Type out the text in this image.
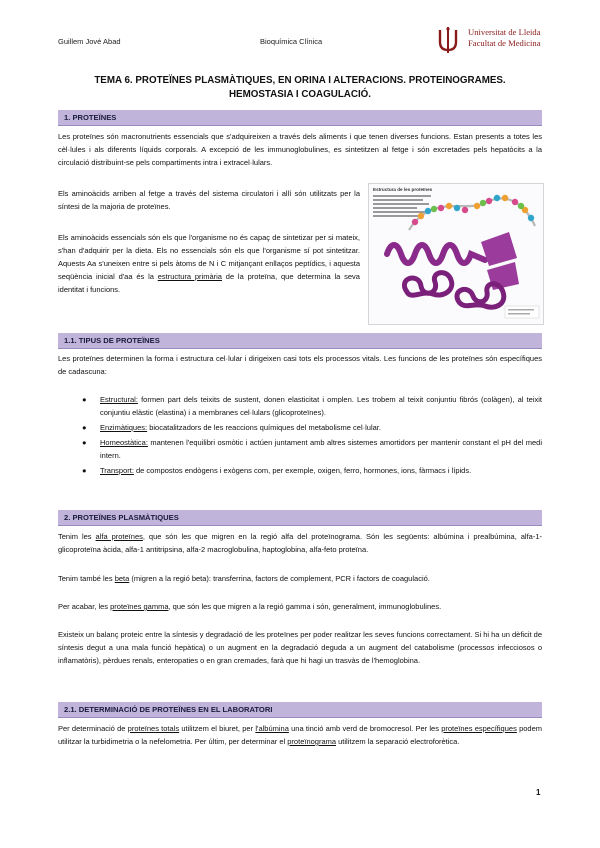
Guillem Jové Abad	Bioquímica Clínica
Universitat de Lleida
Facultat de Medicina
TEMA 6. PROTEÏNES PLASMÀTIQUES, EN ORINA I ALTERACIONS. PROTEINOGRAMES.
HEMOSTASIA I COAGULACIÓ.
1. PROTEÏNES
Les proteïnes són macronutrients essencials que s'adquireixen a través dels aliments i que tenen diverses funcions. Estan presents a totes les cèl·lules i als diferents líquids corporals. A excepció de les immunoglobulines, es sintetitzen al fetge i són excretades pels hepatòcits a la circulació distribuint-se pels compartiments intra i extracel·lulars.
Els aminoàcids arriben al fetge a través del sistema circulatori i allí són utilitzats per la síntesi de la majoria de proteïnes.
Els aminoàcids essencials són els que l'organisme no és capaç de sintetizar per si mateix, s'han d'adquirir per la dieta. Els no essencials són els que l'organisme sí pot sintetitzar. Aquests Aa s'uneixen entre si pels àtoms de N i C mitjançant enllaços peptídics, i aquesta seqüència inicial d'aa és la estructura primària de la proteïna, que determina la seva identitat i funcions.
Estructura de les proteïnes
1.1. TIPUS DE PROTEÏNES
Les proteïnes determinen la forma i estructura cel·lular i dirigeixen casi tots els processos vitals. Les funcions de les proteïnes són específiques de cadascuna:
● Estructural: formen part dels teixits de sustent, donen elasticitat i omplen. Les trobem al teixit conjuntiu fibrós (colàgen), al teixit conjuntiu elàstic (elastina) i a membranes cel·lulars (glicoproteïnes).
● Enzimàtiques: biocatalitzadors de les reaccions químiques del metabolisme cel·lular.
● Homeostàtica: mantenen l'equilibri osmòtic i actúen juntament amb altres sistemes amortidors per mantenir constant el pH del medi intern.
● Transport: de compostos endògens i exògens com, per exemple, oxigen, ferro, hormones, ions, fàrmacs i lípids.
2. PROTEÏNES PLASMÀTIQUES
Tenim les alfa proteïnes, que són les que migren en la regió alfa del proteïnograma. Són les següents: albúmina i prealbúmina, alfa-1-glicoproteïna àcida, alfa-1 antitripsina, alfa-2 macroglobulina, haptoglobina, alfa-feto proteïna.
Tenim també les beta (migren a la regió beta): transferrina, factors de complement, PCR i factors de coagulació.
Per acabar, les proteïnes gamma, que són les que migren a la regió gamma i són, generalment, immunoglobulines.
Existeix un balanç proteic entre la síntesis y degradació de les proteïnes per poder realitzar les seves funcions correctament. Si hi ha un dèficit de síntesis degut a una mala funció hepàtica) o un augment en la degradació deguda a un augment del catabolisme (processos infecciosos o inflamatòris), pèrdues renals, enteropaties o en gran cremades, farà que hi hagi un trasvàs de l'hemoglobina.
2.1. DETERMINACIÓ DE PROTEÏNES EN EL LABORATORI
Per determinació de proteïnes totals utilitzem el biuret, per l'albúmina una tinció amb verd de bromocresol. Per les proteïnes específiques podem utilitzar la turbidimetria o la nefelometria. Per últim, per determinar el proteïnograma utilitzem la separació electroforètica.
1
